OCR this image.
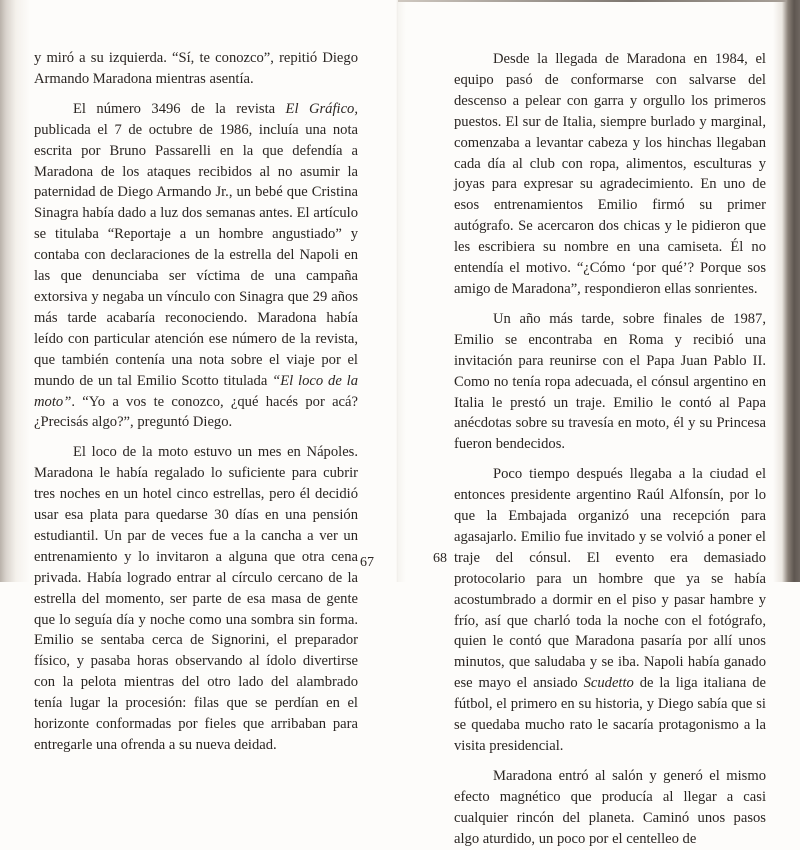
y miró a su izquierda. “Sí, te conozco”, repitió Diego Armando Maradona mientras asentía.

El número 3496 de la revista El Gráfico, publicada el 7 de octubre de 1986, incluía una nota escrita por Bruno Passarelli en la que defendía a Maradona de los ataques recibidos al no asumir la paternidad de Diego Armando Jr., un bebé que Cristina Sinagra había dado a luz dos semanas antes. El artículo se titulaba “Reportaje a un hombre angustiado” y contaba con declaraciones de la estrella del Napoli en las que denunciaba ser víctima de una campaña extorsiva y negaba un vínculo con Sinagra que 29 años más tarde acabaría reconociendo. Maradona había leído con particular atención ese número de la revista, que también contenía una nota sobre el viaje por el mundo de un tal Emilio Scotto titulada “El loco de la moto”. “Yo a vos te conozco, ¿qué hacés por acá? ¿Precisás algo?”, preguntó Diego.

El loco de la moto estuvo un mes en Nápoles. Maradona le había regalado lo suficiente para cubrir tres noches en un hotel cinco estrellas, pero él decidió usar esa plata para quedarse 30 días en una pensión estudiantil. Un par de veces fue a la cancha a ver un entrenamiento y lo invitaron a alguna que otra cena privada. Había logrado entrar al círculo cercano de la estrella del momento, ser parte de esa masa de gente que lo seguía día y noche como una sombra sin forma. Emilio se sentaba cerca de Signorini, el preparador físico, y pasaba horas observando al ídolo divertirse con la pelota mientras del otro lado del alambrado tenía lugar la procesión: filas que se perdían en el horizonte conformadas por fieles que arribaban para entregarle una ofrenda a su nueva deidad.

67

Desde la llegada de Maradona en 1984, el equipo pasó de conformarse con salvarse del descenso a pelear con garra y orgullo los primeros puestos. El sur de Italia, siempre burlado y marginal, comenzaba a levantar cabeza y los hinchas llegaban cada día al club con ropa, alimentos, esculturas y joyas para expresar su agradecimiento. En uno de esos entrenamientos Emilio firmó su primer autógrafo. Se acercaron dos chicas y le pidieron que les escribiera su nombre en una camiseta. Él no entendía el motivo. “¿Cómo ‘por qué’? Porque sos amigo de Maradona”, respondieron ellas sonrientes.

Un año más tarde, sobre finales de 1987, Emilio se encontraba en Roma y recibió una invitación para reunirse con el Papa Juan Pablo II. Como no tenía ropa adecuada, el cónsul argentino en Italia le prestó un traje. Emilio le contó al Papa anécdotas sobre su travesía en moto, él y su Princesa fueron bendecidos.

Poco tiempo después llegaba a la ciudad el entonces presidente argentino Raúl Alfonsín, por lo que la Embajada organizó una recepción para agasajarlo. Emilio fue invitado y se volvió a poner el traje del cónsul. El evento era demasiado protocolario para un hombre que ya se había acostumbrado a dormir en el piso y pasar hambre y frío, así que charló toda la noche con el fotógrafo, quien le contó que Maradona pasaría por allí unos minutos, que saludaba y se iba. Napoli había ganado ese mayo el ansiado Scudetto de la liga italiana de fútbol, el primero en su historia, y Diego sabía que si se quedaba mucho rato le sacaría protagonismo a la visita presidencial.

Maradona entró al salón y generó el mismo efecto magnético que producía al llegar a casi cualquier rincón del planeta. Caminó unos pasos algo aturdido, un poco por el centelleo de

68
